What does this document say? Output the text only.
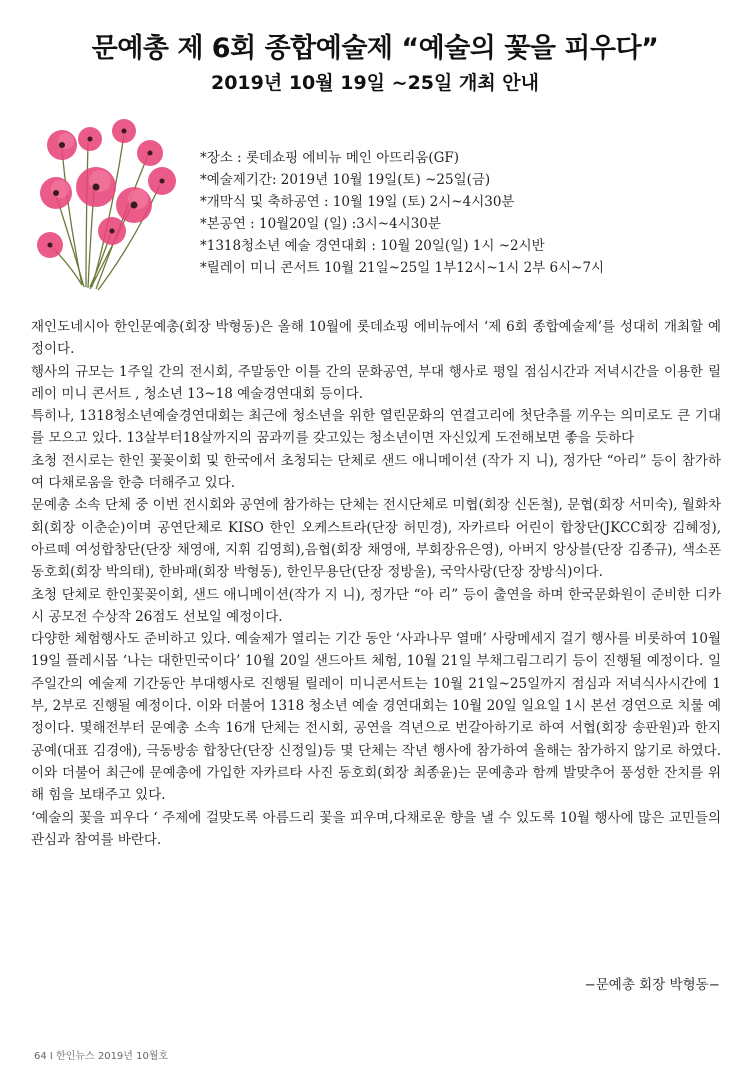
문예총 제 6회 종합예술제 “예술의 꽃을 피우다”
2019년 10월 19일 ~25일 개최 안내
*장소 : 롯데쇼핑 에비뉴 메인 아뜨리움(GF)
*예술제기간: 2019년 10월 19일(토) ~25일(금)
*개막식 및 축하공연 : 10월 19일 (토) 2시~4시30분
*본공연 : 10월20일 (일) :3시~4시30분
*1318청소년 예술 경연대회 : 10월 20일(일) 1시 ~2시반
*릴레이 미니 콘서트 10월 21일~25일 1부12시~1시 2부 6시~7시

재인도네시아 한인문예총(회장 박형동)은 올해 10월에 롯데쇼핑 에비뉴에서 ‘제 6회 종합예술제’를 성대히 개최할 예정이다.

행사의 규모는 1주일 간의 전시회, 주말동안 이틀 간의 문화공연, 부대 행사로 평일 점심시간과 저녁시간을 이용한 릴레이 미니 콘서트 , 청소년 13~18 예술경연대회 등이다.

특히나, 1318청소년예술경연대회는 최근에 청소년을 위한 열린문화의 연결고리에 첫단추를 끼우는 의미로도 큰 기대를 모으고 있다. 13살부터18살까지의 꿈과끼를 갖고있는 청소년이면 자신있게 도전해보면 좋을 듯하다

초청 전시로는 한인 꽃꽂이회 및 한국에서 초청되는 단체로 샌드 애니메이션 (작가 지 니), 정가단 “아리” 등이 참가하여 다채로움을 한층 더해주고 있다.

문예총 소속 단체 중 이번 전시회와 공연에 참가하는 단체는 전시단체로 미협(회장 신돈철), 문협(회장 서미숙), 월화차회(회장 이춘순)이며 공연단체로 KISO 한인 오케스트라(단장 허민경), 자카르타 어린이 합창단(JKCC회장 김혜정), 아르떼 여성합창단(단장 채영애, 지휘 김영희),음협(회장 채영애, 부회장유은영), 아버지 앙상블(단장 김종규), 색소폰동호회(회장 박의태), 한바패(회장 박형동), 한인무용단(단장 정방울), 국악사랑(단장 장방식)이다.

초청 단체로 한인꽃꽂이회, 샌드 애니메이션(작가 지 니), 정가단 “아 리” 등이 출연을 하며 한국문화원이 준비한 디카시 공모전 수상작 26점도 선보일 예정이다.

다양한 체험행사도 준비하고 있다. 예술제가 열리는 기간 동안 ‘사과나무 열매’ 사랑메세지 걸기 행사를 비롯하여 10월 19일 플레시몹 ‘나는 대한민국이다’ 10월 20일 샌드아트 체험, 10월 21일 부채그림그리기 등이 진행될 예정이다. 일주일간의 예술제 기간동안 부대행사로 진행될 릴레이 미니콘서트는 10월 21일~25일까지 점심과 저녁식사시간에 1부, 2부로 진행될 예정이다. 이와 더불어 1318 청소년 예술 경연대회는 10월 20일 일요일 1시 본선 경연으로 치룰 예정이다. 몇해전부터 문예총 소속 16개 단체는 전시회, 공연을 격년으로 번갈아하기로 하여 서협(회장 송판원)과 한지공예(대표 김경애), 극동방송 합창단(단장 신정일)등 몇 단체는 작년 행사에 참가하여 올해는 참가하지 않기로 하였다. 이와 더불어 최근에 문예총에 가입한 자카르타 사진 동호회(회장 최종윤)는 문예총과 함께 발맞추어 풍성한 잔치를 위해 힘을 보태주고 있다.

‘예술의 꽃을 피우다 ‘ 주제에 걸맞도록 아름드리 꽃을 피우며,다채로운 향을 낼 수 있도록 10월 행사에 많은 교민들의 관심과 참여를 바란다.

−문예총 회장 박형동−
64 I 한인뉴스 2019년 10월호
